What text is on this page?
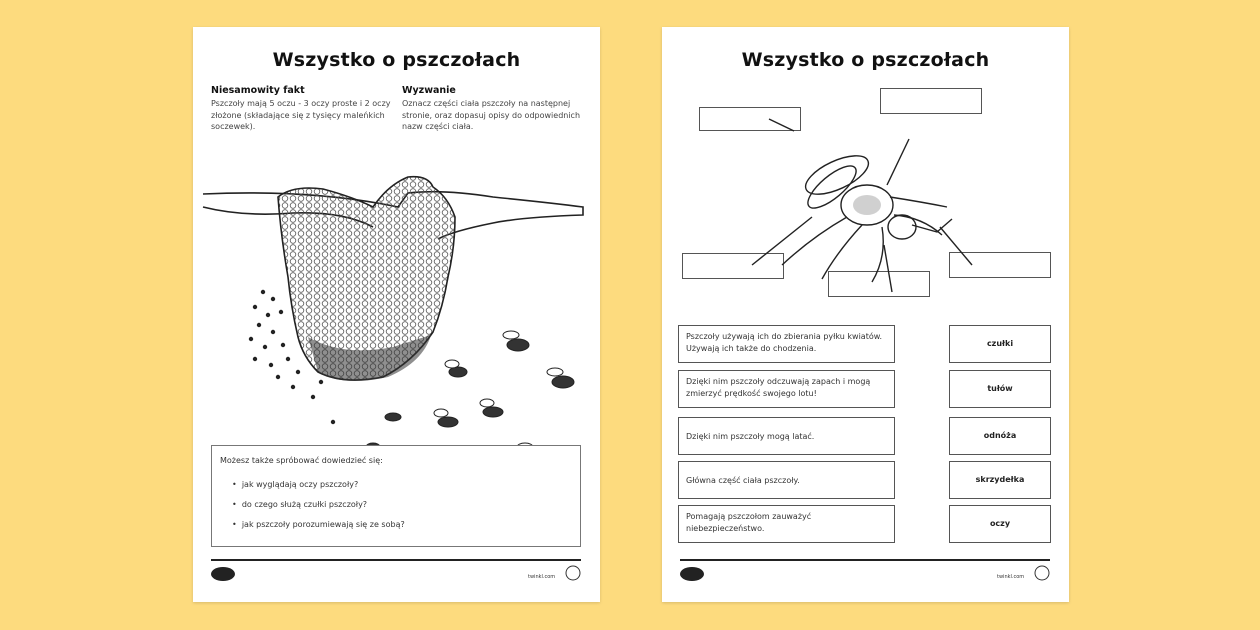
Wszystko o pszczołach
Niesamowity fakt
Pszczoły mają 5 oczu - 3 oczy proste i 2 oczy złożone (składające się z tysięcy maleńkich soczewek).
Wyzwanie
Oznacz części ciała pszczoły na następnej stronie, oraz dopasuj opisy do odpowiednich nazw części ciała.
Możesz także spróbować dowiedzieć się:
•  jak wyglądają oczy pszczoły?
•  do czego służą czułki pszczoły?
•  jak pszczoły porozumiewają się ze sobą?
twinkl.com
Wszystko o pszczołach
Pszczoły używają ich do zbierania pyłku kwiatów. Używają ich także do chodzenia.
Dzięki nim pszczoły odczuwają zapach i mogą zmierzyć prędkość swojego lotu!
Dzięki nim pszczoły mogą latać.
Główna część ciała pszczoły.
Pomagają pszczołom zauważyć niebezpieczeństwo.
czułki
tułów
odnóża
skrzydełka
oczy
twinkl.com
